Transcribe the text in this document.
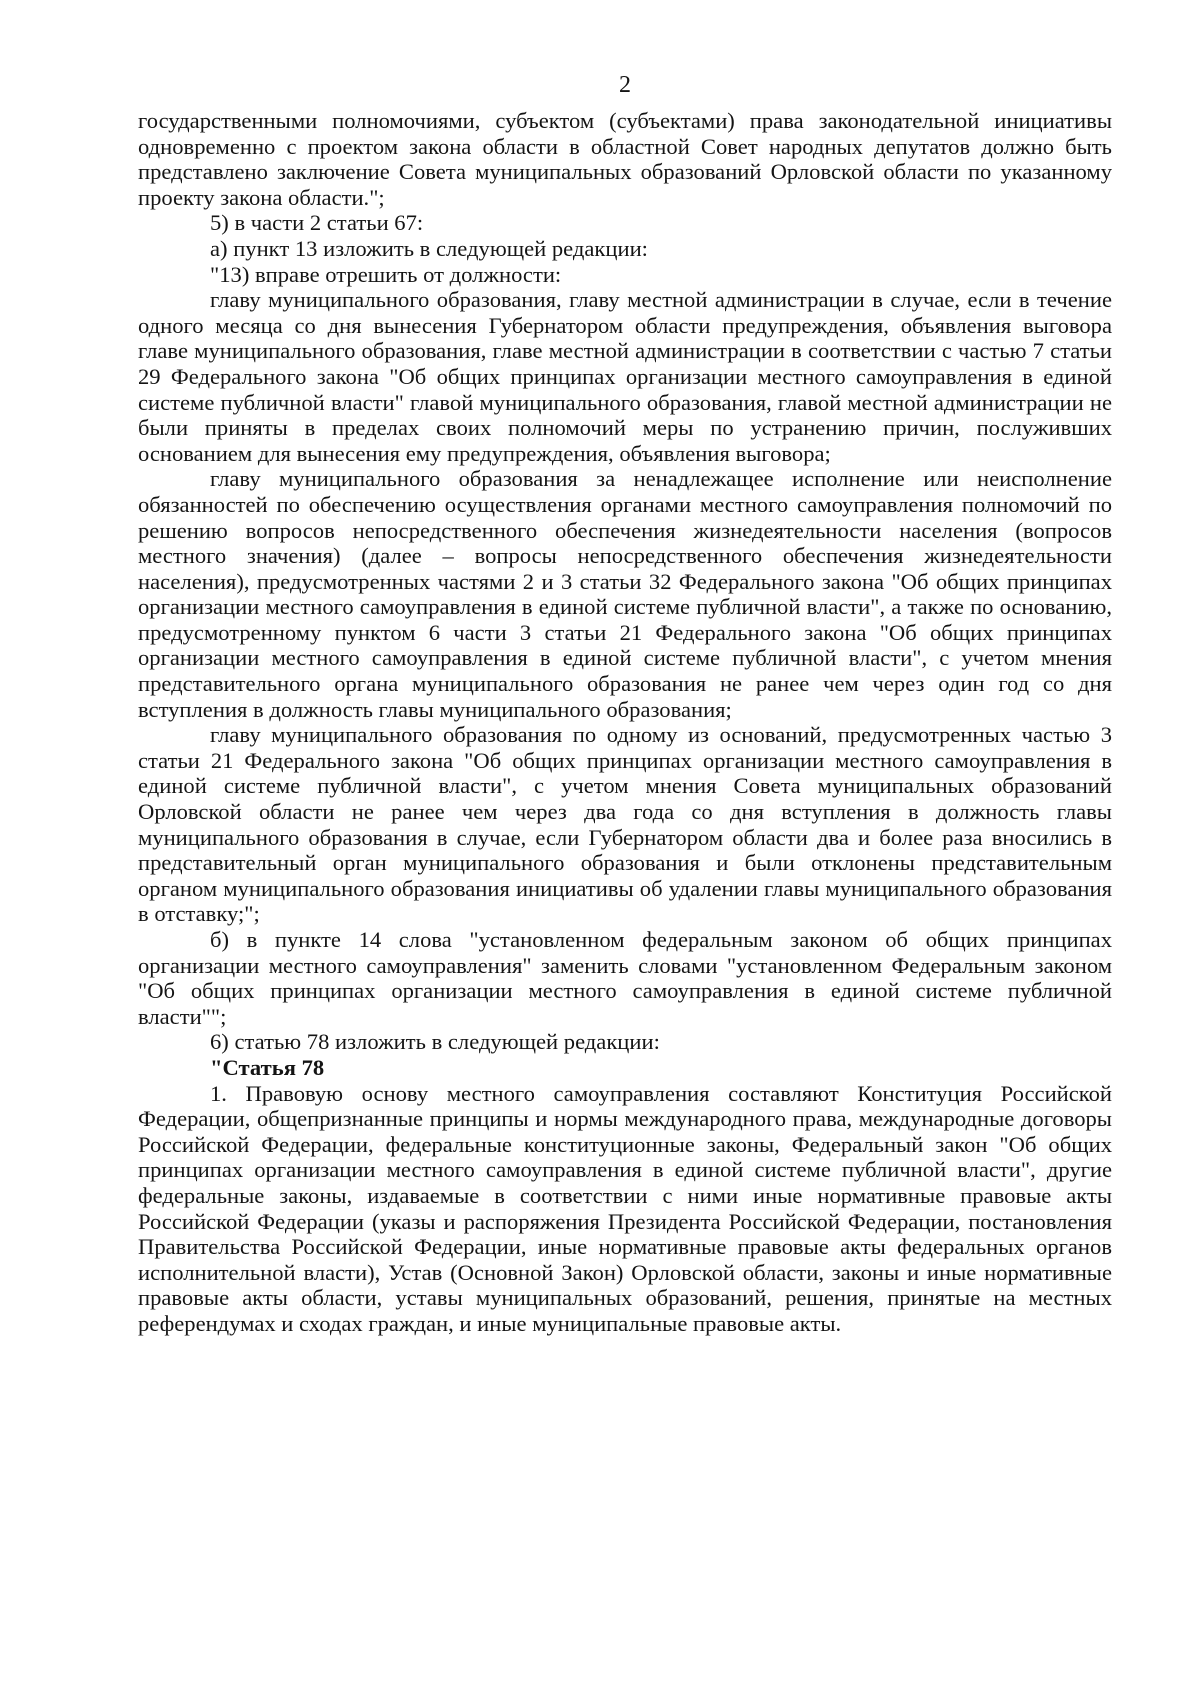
2

государственными полномочиями, субъектом (субъектами) права законодательной инициативы одновременно с проектом закона области в областной Совет народных депутатов должно быть представлено заключение Совета муниципальных образований Орловской области по указанному проекту закона области.";

5) в части 2 статьи 67:

а) пункт 13 изложить в следующей редакции:

"13) вправе отрешить от должности:

главу муниципального образования, главу местной администрации в случае, если в течение одного месяца со дня вынесения Губернатором области предупреждения, объявления выговора главе муниципального образования, главе местной администрации в соответствии с частью 7 статьи 29 Федерального закона "Об общих принципах организации местного самоуправления в единой системе публичной власти" главой муниципального образования, главой местной администрации не были приняты в пределах своих полномочий меры по устранению причин, послуживших основанием для вынесения ему предупреждения, объявления выговора;

главу муниципального образования за ненадлежащее исполнение или неисполнение обязанностей по обеспечению осуществления органами местного самоуправления полномочий по решению вопросов непосредственного обеспечения жизнедеятельности населения (вопросов местного значения) (далее – вопросы непосредственного обеспечения жизнедеятельности населения), предусмотренных частями 2 и 3 статьи 32 Федерального закона "Об общих принципах организации местного самоуправления в единой системе публичной власти", а также по основанию, предусмотренному пунктом 6 части 3 статьи 21 Федерального закона "Об общих принципах организации местного самоуправления в единой системе публичной власти", с учетом мнения представительного органа муниципального образования не ранее чем через один год со дня вступления в должность главы муниципального образования;

главу муниципального образования по одному из оснований, предусмотренных частью 3 статьи 21 Федерального закона "Об общих принципах организации местного самоуправления в единой системе публичной власти", с учетом мнения Совета муниципальных образований Орловской области не ранее чем через два года со дня вступления в должность главы муниципального образования в случае, если Губернатором области два и более раза вносились в представительный орган муниципального образования и были отклонены представительным органом муниципального образования инициативы об удалении главы муниципального образования в отставку;";

б) в пункте 14 слова "установленном федеральным законом об общих принципах организации местного самоуправления" заменить словами "установленном Федеральным законом "Об общих принципах организации местного самоуправления в единой системе публичной власти"";

6) статью 78 изложить в следующей редакции:

"Статья 78

1. Правовую основу местного самоуправления составляют Конституция Российской Федерации, общепризнанные принципы и нормы международного права, международные договоры Российской Федерации, федеральные конституционные законы, Федеральный закон "Об общих принципах организации местного самоуправления в единой системе публичной власти", другие федеральные законы, издаваемые в соответствии с ними иные нормативные правовые акты Российской Федерации (указы и распоряжения Президента Российской Федерации, постановления Правительства Российской Федерации, иные нормативные правовые акты федеральных органов исполнительной власти), Устав (Основной Закон) Орловской области, законы и иные нормативные правовые акты области, уставы муниципальных образований, решения, принятые на местных референдумах и сходах граждан, и иные муниципальные правовые акты.
